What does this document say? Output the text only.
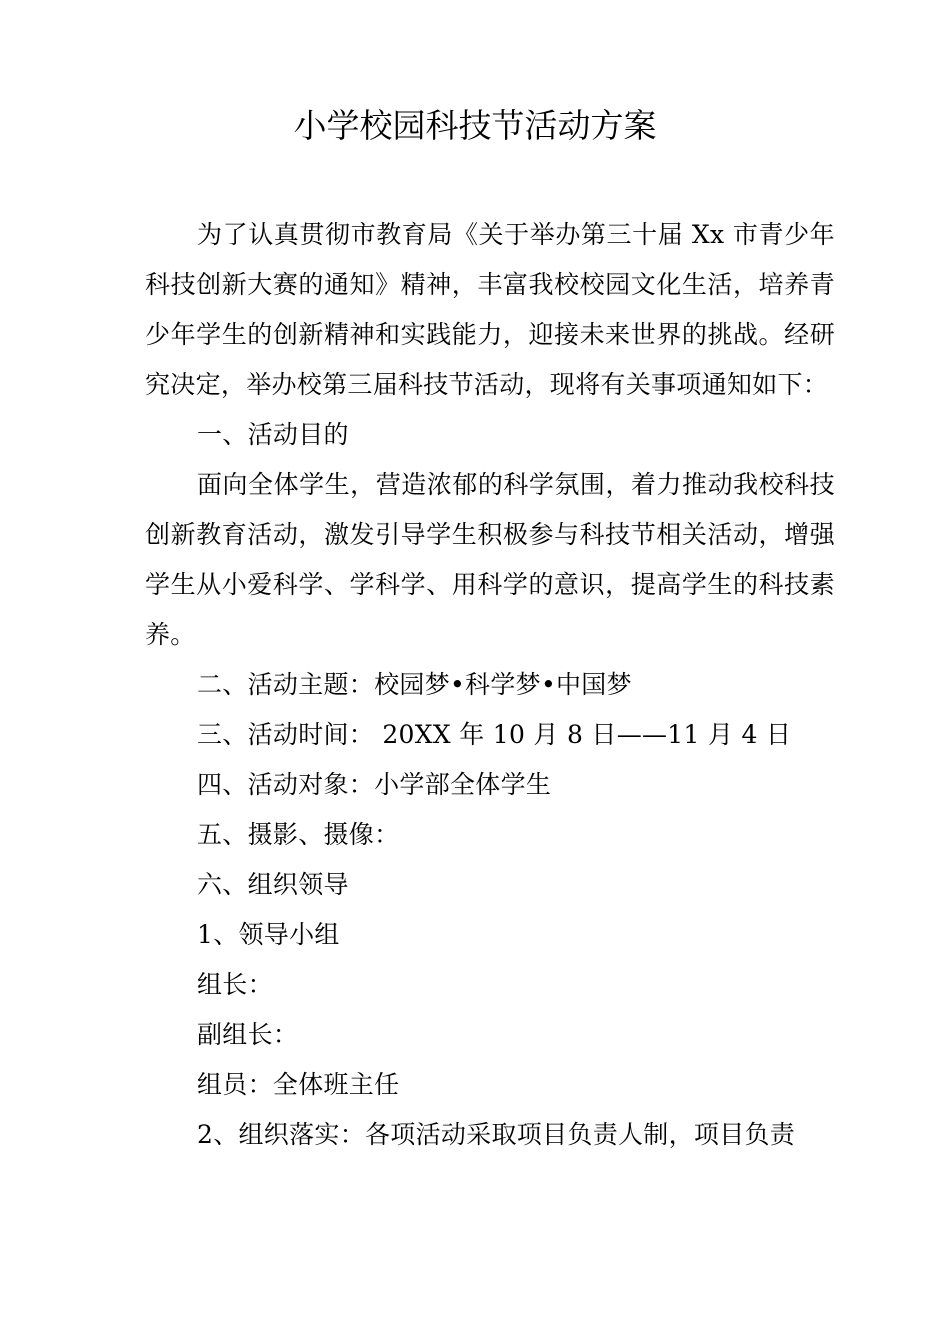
小学校园科技节活动方案

为了认真贯彻市教育局《关于举办第三十届 Xx 市青少年科技创新大赛的通知》精神，丰富我校校园文化生活，培养青少年学生的创新精神和实践能力，迎接未来世界的挑战。经研究决定，举办校第三届科技节活动，现将有关事项通知如下：

一、活动目的

面向全体学生，营造浓郁的科学氛围，着力推动我校科技创新教育活动，激发引导学生积极参与科技节相关活动，增强学生从小爱科学、学科学、用科学的意识，提高学生的科技素养。

二、活动主题：校园梦•科学梦•中国梦

三、活动时间： 20XX 年 10 月 8 日——11 月 4 日

四、活动对象：小学部全体学生

五、摄影、摄像：

六、组织领导

1、领导小组

组长：

副组长：

组员：全体班主任

2、组织落实：各项活动采取项目负责人制，项目负责
